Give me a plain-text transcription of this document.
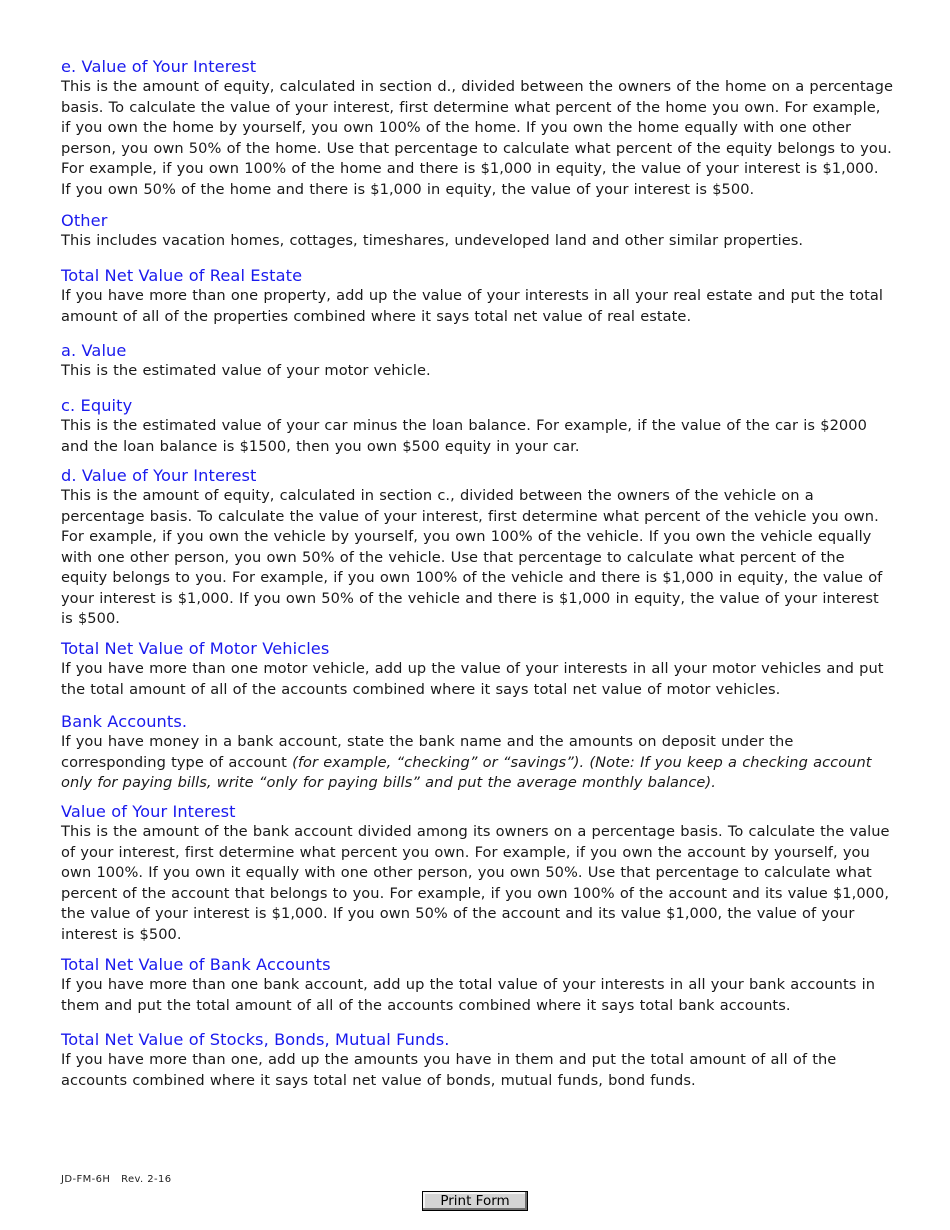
e. Value of Your Interest

This is the amount of equity, calculated in section d., divided between the owners of the home on a percentage basis. To calculate the value of your interest, first determine what percent of the home you own. For example, if you own the home by yourself, you own 100% of the home. If you own the home equally with one other person, you own 50% of the home. Use that percentage to calculate what percent of the equity belongs to you. For example, if you own 100% of the home and there is $1,000 in equity, the value of your interest is $1,000. If you own 50% of the home and there is $1,000 in equity, the value of your interest is $500.

Other

This includes vacation homes, cottages, timeshares, undeveloped land and other similar properties.

Total Net Value of Real Estate

If you have more than one property, add up the value of your interests in all your real estate and put the total amount of all of the properties combined where it says total net value of real estate.

a. Value

This is the estimated value of your motor vehicle.

c. Equity

This is the estimated value of your car minus the loan balance. For example, if the value of the car is $2000 and the loan balance is $1500, then you own $500 equity in your car.

d. Value of Your Interest

This is the amount of equity, calculated in section c., divided between the owners of the vehicle on a percentage basis. To calculate the value of your interest, first determine what percent of the vehicle you own. For example, if you own the vehicle by yourself, you own 100% of the vehicle. If you own the vehicle equally with one other person, you own 50% of the vehicle. Use that percentage to calculate what percent of the equity belongs to you. For example, if you own 100% of the vehicle and there is $1,000 in equity, the value of your interest is $1,000. If you own 50% of the vehicle and there is $1,000 in equity, the value of your interest is $500.

Total Net Value of Motor Vehicles

If you have more than one motor vehicle, add up the value of your interests in all your motor vehicles and put the total amount of all of the accounts combined where it says total net value of motor vehicles.

Bank Accounts.

If you have money in a bank account, state the bank name and the amounts on deposit under the corresponding type of account (for example, “checking” or “savings”). (Note: If you keep a checking account only for paying bills, write “only for paying bills” and put the average monthly balance).

Value of Your Interest

This is the amount of the bank account divided among its owners on a percentage basis. To calculate the value of your interest, first determine what percent you own. For example, if you own the account by yourself, you own 100%. If you own it equally with one other person, you own 50%. Use that percentage to calculate what percent of the account that belongs to you. For example, if you own 100% of the account and its value $1,000, the value of your interest is $1,000. If you own 50% of the account and its value $1,000, the value of your interest is $500.

Total Net Value of Bank Accounts

If you have more than one bank account, add up the total value of your interests in all your bank accounts in them and put the total amount of all of the accounts combined where it says total bank accounts.

Total Net Value of Stocks, Bonds, Mutual Funds.

If you have more than one, add up the amounts you have in them and put the total amount of all of the accounts combined where it says total net value of bonds, mutual funds, bond funds.

JD-FM-6H   Rev. 2-16
Print Form
